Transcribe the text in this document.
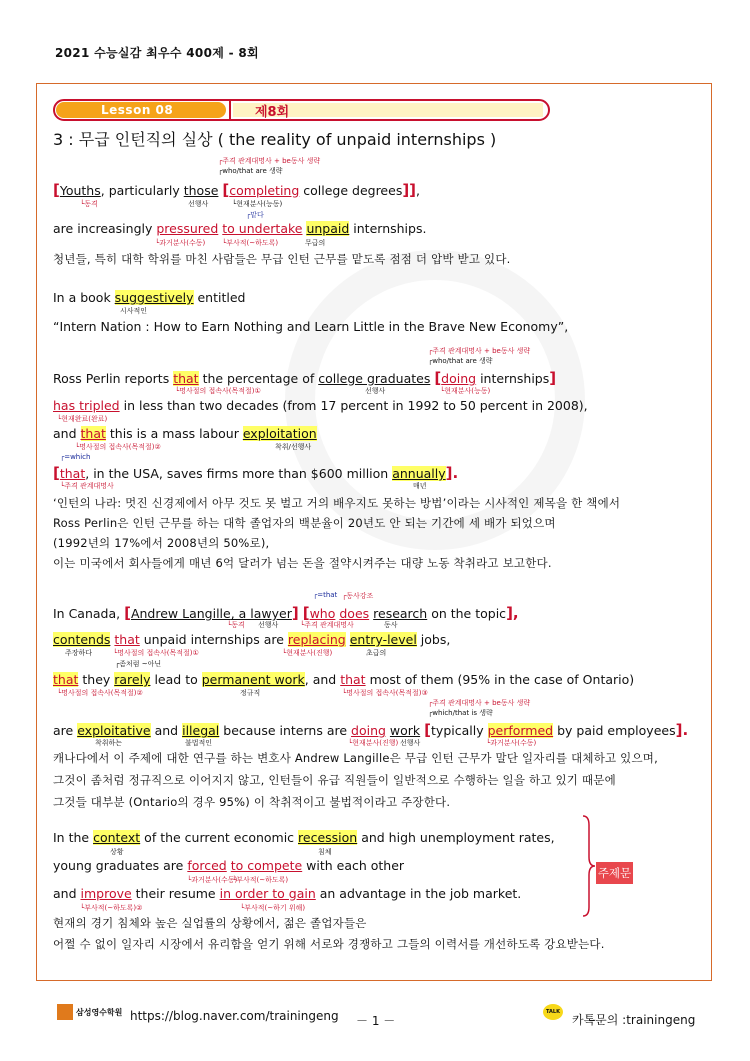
2021 수능실감 최우수 400제 - 8회
Lesson 08	제8회
3 : 무급 인턴직의 실상 ( the reality of unpaid internships )
┌주격 관계대명사 + be동사 생략
┌who/that are 생략
[Youths, particularly those [completing college degrees]],
└동격	선행사	└현재분사(능동)
┌맡다
are increasingly pressured to undertake unpaid internships.
└과거분사(수동) └부사적(~하도록)	무급의
청년들, 특히 대학 학위를 마친 사람들은 무급 인턴 근무를 맡도록 점점 더 압박 받고 있다.
In a book suggestively entitled
시사적인
“Intern Nation : How to Earn Nothing and Learn Little in the Brave New Economy”,
┌주격 관계대명사 + be동사 생략
┌who/that are 생략
Ross Perlin reports that the percentage of college graduates [doing internships]
└명사절의 접속사(목적절)①	선행사	└현재분사(능동)
has tripled in less than two decades (from 17 percent in 1992 to 50 percent in 2008),
└현재완료(완료)
and that this is a mass labour exploitation
└명사절의 접속사(목적절)②	착취/선행사
┌=which
[that, in the USA, saves firms more than $600 million annually].
└주격 관계대명사	매년
‘인턴의 나라: 멋진 신경제에서 아무 것도 못 벌고 거의 배우지도 못하는 방법’이라는 시사적인 제목을 한 책에서
Ross Perlin은 인턴 근무를 하는 대학 졸업자의 백분율이 20년도 안 되는 기간에 세 배가 되었으며
(1992년의 17%에서 2008년의 50%로),
이는 미국에서 회사들에게 매년 6억 달러가 넘는 돈을 절약시켜주는 대량 노동 착취라고 보고한다.
┌=that ┌동사강조
In Canada, [Andrew Langille, a lawyer] [who does research on the topic],
└동격 선행사	└주격 관계대명사	동사
contends that unpaid internships are replacing entry-level jobs,
주장하다	└명사절의 접속사(목적절)①	└현재분사(진행)	초급의
┌좀처럼 ~아닌
that they rarely lead to permanent work, and that most of them (95% in the case of Ontario)
└명사절의 접속사(목적절)②	정규직	└명사절의 접속사(목적절)③
┌주격 관계대명사 + be동사 생략
┌which/that is 생략
are exploitative and illegal because interns are doing work [typically performed by paid employees].
착취하는	불법적인	└현재분사(진행) 선행사	└과거분사(수동)
캐나다에서 이 주제에 대한 연구를 하는 변호사 Andrew Langille은 무급 인턴 근무가 말단 일자리를 대체하고 있으며,
그것이 좀처럼 정규직으로 이어지지 않고, 인턴들이 유급 직원들이 일반적으로 수행하는 일을 하고 있기 때문에
그것들 대부분 (Ontario의 경우 95%) 이 착취적이고 불법적이라고 주장한다.
In the context of the current economic recession and high unemployment rates,
상황	침체
young graduates are forced to compete with each other
└과거분사(수동)
└부사적(~하도록)
and improve their resume in order to gain an advantage in the job market.
└부사적(~하도록)②	└부사적(~하기 위해)
현재의 경기 침체와 높은 실업률의 상황에서, 젊은 졸업자들은
어쩔 수 없이 일자리 시장에서 유리함을 얻기 위해 서로와 경쟁하고 그들의 이력서를 개선하도록 강요받는다.
주제문
삼성영수학원 https://blog.naver.com/trainingeng － 1 －
TALK
카톡문의 :trainingeng
